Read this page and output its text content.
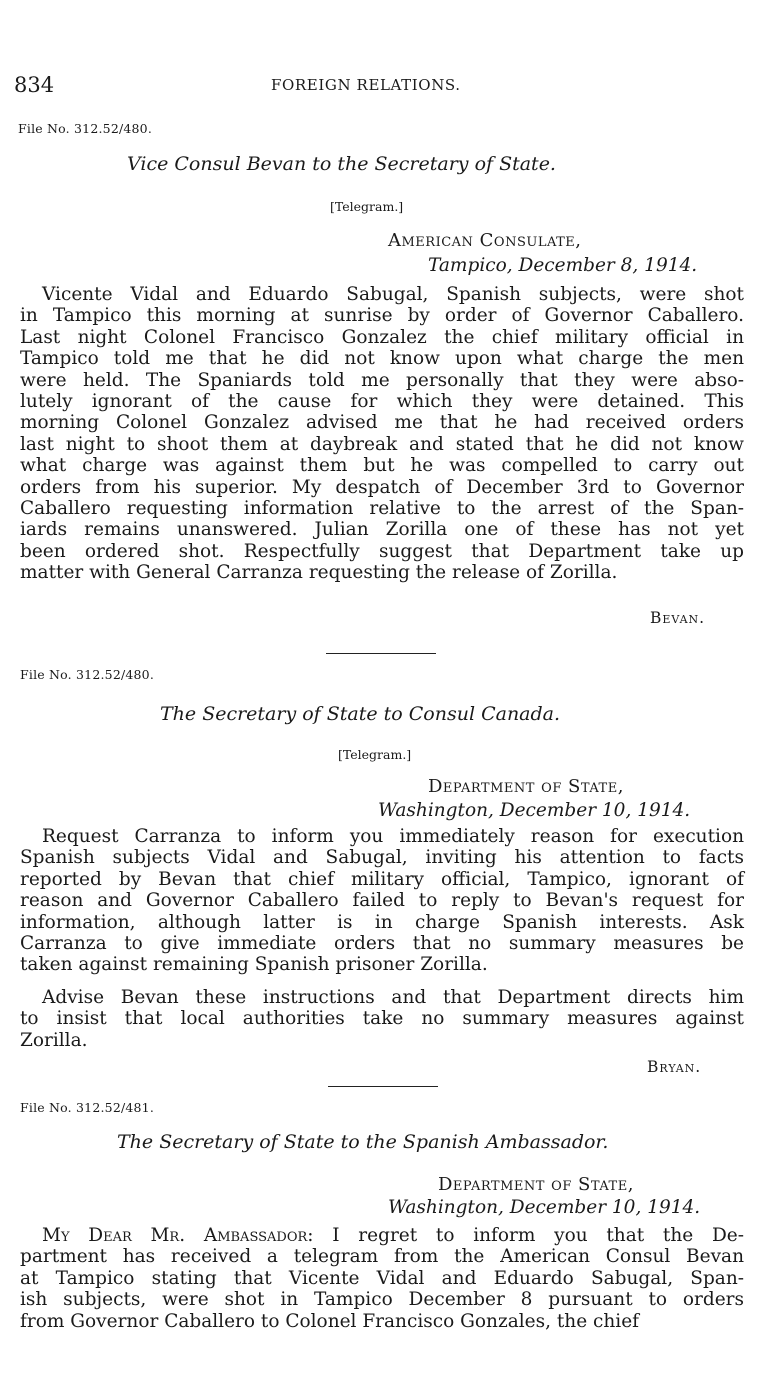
834	FOREIGN RELATIONS.
File No. 312.52/480.
Vice Consul Bevan to the Secretary of State.
[Telegram.]
American Consulate,
Tampico, December 8, 1914.
Vicente Vidal and Eduardo Sabugal, Spanish subjects, were shot
in Tampico this morning at sunrise by order of Governor Caballero.
Last night Colonel Francisco Gonzalez the chief military official in
Tampico told me that he did not know upon what charge the men
were held. The Spaniards told me personally that they were abso-
lutely ignorant of the cause for which they were detained. This
morning Colonel Gonzalez advised me that he had received orders
last night to shoot them at daybreak and stated that he did not know
what charge was against them but he was compelled to carry out
orders from his superior. My despatch of December 3rd to Governor
Caballero requesting information relative to the arrest of the Span-
iards remains unanswered. Julian Zorilla one of these has not yet
been ordered shot. Respectfully suggest that Department take up
matter with General Carranza requesting the release of Zorilla.
Bevan.
File No. 312.52/480.
The Secretary of State to Consul Canada.
[Telegram.]
Department of State,
Washington, December 10, 1914.
Request Carranza to inform you immediately reason for execution
Spanish subjects Vidal and Sabugal, inviting his attention to facts
reported by Bevan that chief military official, Tampico, ignorant of
reason and Governor Caballero failed to reply to Bevan's request for
information, although latter is in charge Spanish interests. Ask
Carranza to give immediate orders that no summary measures be
taken against remaining Spanish prisoner Zorilla.
Advise Bevan these instructions and that Department directs him
to insist that local authorities take no summary measures against
Zorilla.
Bryan.
File No. 312.52/481.
The Secretary of State to the Spanish Ambassador.
Department of State,
Washington, December 10, 1914.
My Dear Mr. Ambassador: I regret to inform you that the De-
partment has received a telegram from the American Consul Bevan
at Tampico stating that Vicente Vidal and Eduardo Sabugal, Span-
ish subjects, were shot in Tampico December 8 pursuant to orders
from Governor Caballero to Colonel Francisco Gonzales, the chief
